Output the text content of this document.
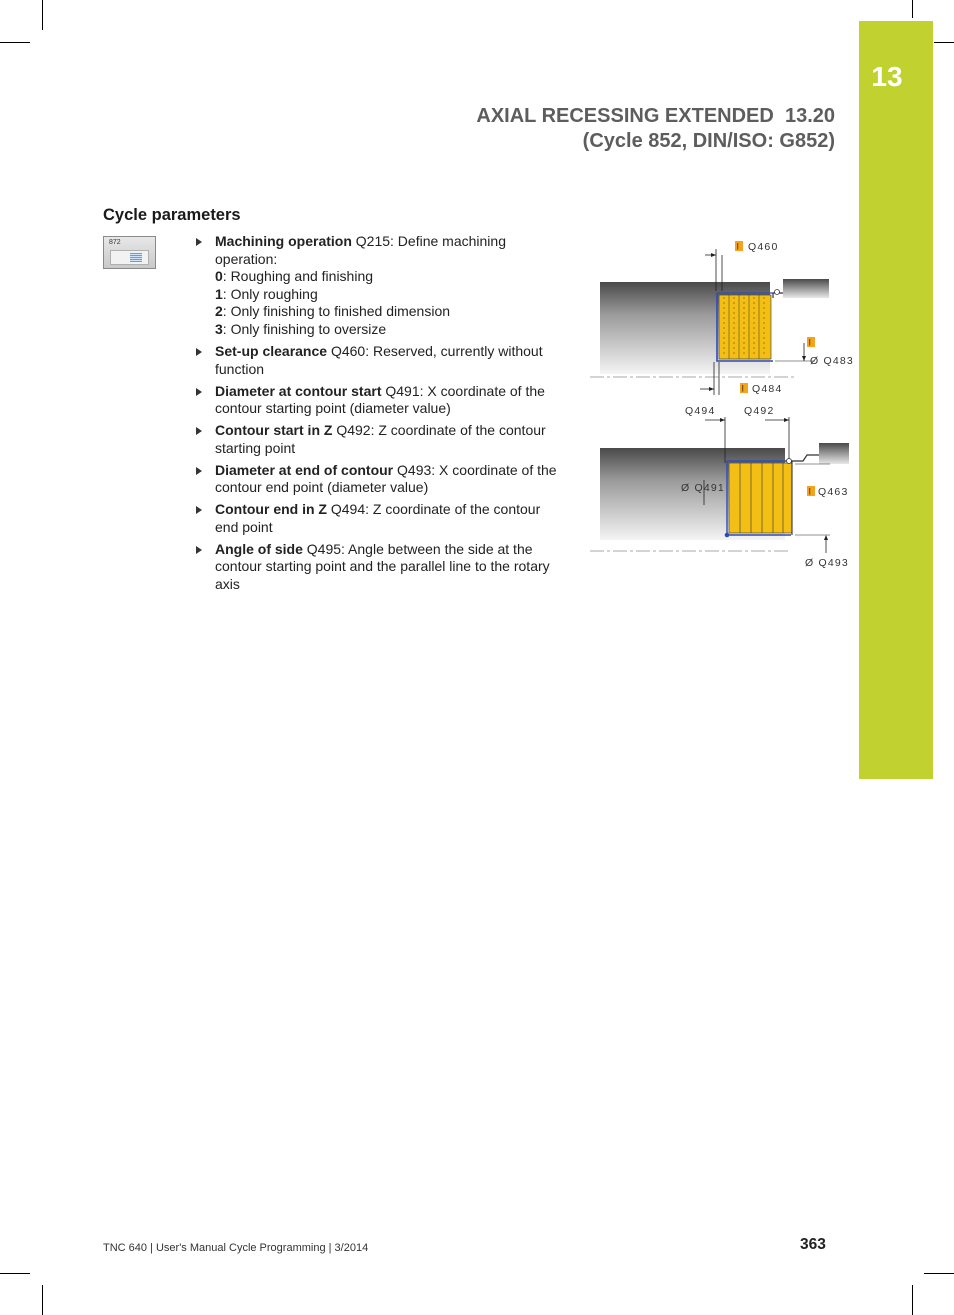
13
AXIAL RECESSING EXTENDED  13.20
(Cycle 852, DIN/ISO: G852)
Cycle parameters
872	Machining operation Q215: Define machining operation:
0: Roughing and finishing
1: Only roughing
2: Only finishing to finished dimension
3: Only finishing to oversize
Set-up clearance Q460: Reserved, currently without function
Diameter at contour start Q491: X coordinate of the contour starting point (diameter value)
Contour start in Z Q492: Z coordinate of the contour starting point
Diameter at end of contour Q493: X coordinate of the contour end point (diameter value)
Contour end in Z Q494: Z coordinate of the contour end point
Angle of side Q495: Angle between the side at the contour starting point and the parallel line to the rotary axis
I Q460
I
Ø Q483
I Q484
Q494	Q492
Ø Q491	I Q463
Ø Q493
TNC 640 | User's Manual Cycle Programming | 3/2014	363
